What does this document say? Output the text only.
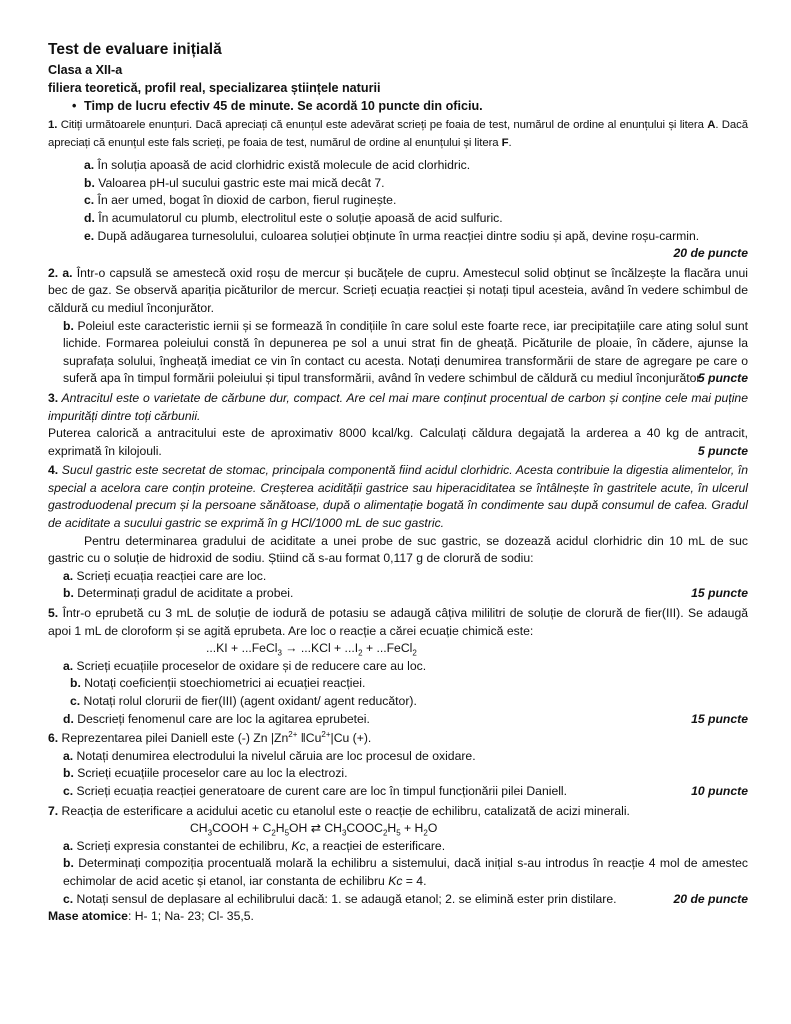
Test de evaluare inițială
Clasa a XII-a
filiera teoretică, profil real, specializarea științele naturii
• Timp de lucru efectiv 45 de minute. Se acordă 10 puncte din oficiu.

1. Citiți următoarele enunțuri. Dacă apreciați că enunțul este adevărat scrieți pe foaia de test, numărul de ordine al enunțului și litera A. Dacă apreciați că enunțul este fals scrieți, pe foaia de test, numărul de ordine al enunțului și litera F.

a. În soluția apoasă de acid clorhidric există molecule de acid clorhidric.
b. Valoarea pH-ul sucului gastric este mai mică decât 7.
c. În aer umed, bogat în dioxid de carbon, fierul ruginește.
d. În acumulatorul cu plumb, electrolitul este o soluție apoasă de acid sulfuric.
e. După adăugarea turnesolului, culoarea soluției obținute în urma reacției dintre sodiu și apă, devine roșu-carmin.
20 de puncte

2. a. Într-o capsulă se amestecă oxid roșu de mercur și bucățele de cupru. Amestecul solid obținut se încălzește la flacăra unui bec de gaz. Se observă apariția picăturilor de mercur. Scrieți ecuația reacției și notați tipul acesteia, având în vedere schimbul de căldură cu mediul înconjurător.

b. Poleiul este caracteristic iernii și se formează în condițiile în care solul este foarte rece, iar precipitațiile care ating solul sunt lichide. Formarea poleiului constă în depunerea pe sol a unui strat fin de gheață. Picăturile de ploaie, în cădere, ajunse la suprafața solului, îngheață imediat ce vin în contact cu acesta. Notați denumirea transformării de stare de agregare pe care o suferă apa în timpul formării poleiului și tipul transformării, având în vedere schimbul de căldură cu mediul înconjurător.

5 puncte

3. Antracitul este o varietate de cărbune dur, compact. Are cel mai mare conținut procentual de carbon și conține cele mai puține impurități dintre toți cărbunii.

Puterea calorică a antracitului este de aproximativ 8000 kcal/kg. Calculați căldura degajată la arderea a 40 kg de antracit, exprimată în kilojouli.	5 puncte

4. Sucul gastric este secretat de stomac, principala componentă fiind acidul clorhidric. Acesta contribuie la digestia alimentelor, în special a acelora care conțin proteine. Creșterea acidității gastrice sau hiperaciditatea se întâlnește în gastritele acute, în ulcerul gastroduodenal precum și la persoane sănătoase, după o alimentație bogată în condimente sau după consumul de cafea. Gradul de aciditate a sucului gastric se exprimă în g HCl/1000 mL de suc gastric.

Pentru determinarea gradului de aciditate a unei probe de suc gastric, se dozează acidul clorhidric din 10 mL de suc gastric cu o soluție de hidroxid de sodiu. Știind că s-au format 0,117 g de clorură de sodiu:

a. Scrieți ecuația reacției care are loc.
b. Determinați gradul de aciditate a probei.	15 puncte

5. Într-o eprubetă cu 3 mL de soluție de iodură de potasiu se adaugă câțiva mililitri de soluție de clorură de fier(III). Se adaugă apoi 1 mL de cloroform și se agită eprubeta. Are loc o reacție a cărei ecuație chimică este:

...KI + ...FeCl$_3$ → $...KCl + ...I_2$ + ...FeCl$_2$
a. Scrieți ecuațiile proceselor de oxidare și de reducere care au loc.
b. Notați coeficienții stoechiometrici ai ecuației reacției.
c. Notați rolul clorurii de fier(III) (agent oxidant/ agent reducător).
d. Descrieți fenomenul care are loc la agitarea eprubetei.	15 puncte

6. Reprezentarea pilei Daniell este (-) Zn $|Zn^{2+}$ $‖Cu^{2+}|Cu$ (+).

a. Notați denumirea electrodului la nivelul căruia are loc procesul de oxidare.
b. Scrieți ecuațiile proceselor care au loc la electrozi.
c. Scrieți ecuația reacției generatoare de curent care are loc în timpul funcționării pilei Daniell.	10 puncte

7. Reacția de esterificare a acidului acetic cu etanolul este o reacție de echilibru, catalizată de acizi minerali.

$CH_3COOH + C_2H_5OH$ ⇄ $CH_3COOC_2H_5 + H_2O$
a. Scrieți expresia constantei de echilibru, Kc, a reacției de esterificare.

b. Determinați compoziția procentuală molară la echilibru a sistemului, dacă inițial s-au introdus în reacție 4 mol de amestec echimolar de acid acetic și etanol, iar constanta de echilibru Kc = 4.

c. Notați sensul de deplasare al echilibrului dacă: 1. se adaugă etanol; 2. se elimină ester prin distilare.	20 de puncte
Mase atomice: H- 1; Na- 23; Cl- 35,5.
